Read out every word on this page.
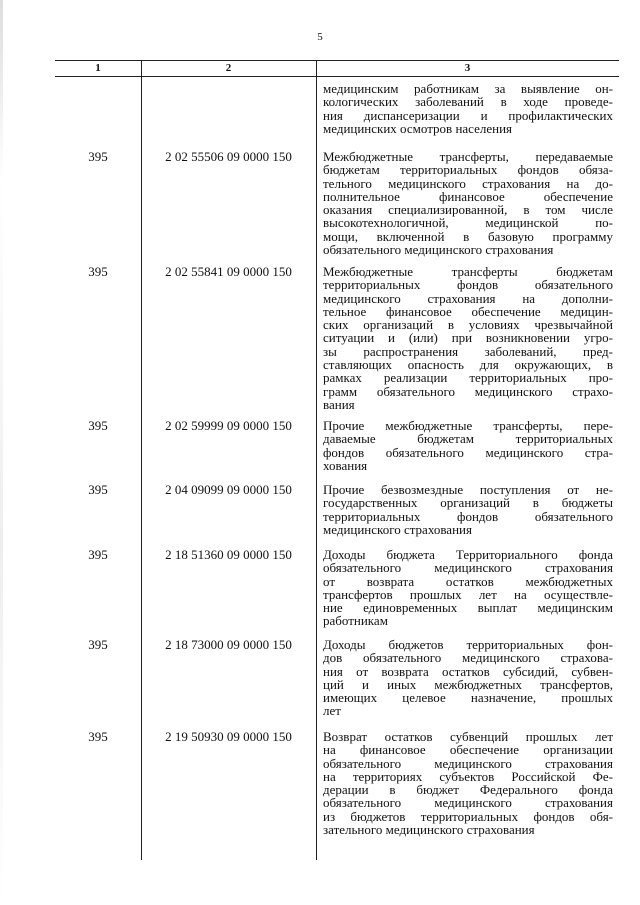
5
1	2	3
медицинским работникам за выявление он-
кологических заболеваний в ходе проведе-
ния диспансеризации и профилактических
медицинских осмотров населения
395	2 02 55506 09 0000 150	Межбюджетные трансферты, передаваемые
бюджетам территориальных фондов обяза-
тельного медицинского страхования на до-
полнительное финансовое обеспечение
оказания специализированной, в том числе
высокотехнологичной, медицинской по-
мощи, включенной в базовую программу
обязательного медицинского страхования
395	2 02 55841 09 0000 150	Межбюджетные трансферты бюджетам
территориальных фондов обязательного
медицинского страхования на дополни-
тельное финансовое обеспечение медицин-
ских организаций в условиях чрезвычайной
ситуации и (или) при возникновении угро-
зы распространения заболеваний, пред-
ставляющих опасность для окружающих, в
рамках реализации территориальных про-
грамм обязательного медицинского страхо-
вания
395	2 02 59999 09 0000 150	Прочие межбюджетные трансферты, пере-
даваемые бюджетам территориальных
фондов обязательного медицинского стра-
хования
395	2 04 09099 09 0000 150	Прочие безвозмездные поступления от не-
государственных организаций в бюджеты
территориальных фондов обязательного
медицинского страхования
395	2 18 51360 09 0000 150	Доходы бюджета Территориального фонда
обязательного медицинского страхования
от возврата остатков межбюджетных
трансфертов прошлых лет на осуществле-
ние единовременных выплат медицинским
работникам
395	2 18 73000 09 0000 150	Доходы бюджетов территориальных фон-
дов обязательного медицинского страхова-
ния от возврата остатков субсидий, субвен-
ций и иных межбюджетных трансфертов,
имеющих целевое назначение, прошлых
лет
395	2 19 50930 09 0000 150	Возврат остатков субвенций прошлых лет
на финансовое обеспечение организации
обязательного медицинского страхования
на территориях субъектов Российской Фе-
дерации в бюджет Федерального фонда
обязательного медицинского страхования
из бюджетов территориальных фондов обя-
зательного медицинского страхования
